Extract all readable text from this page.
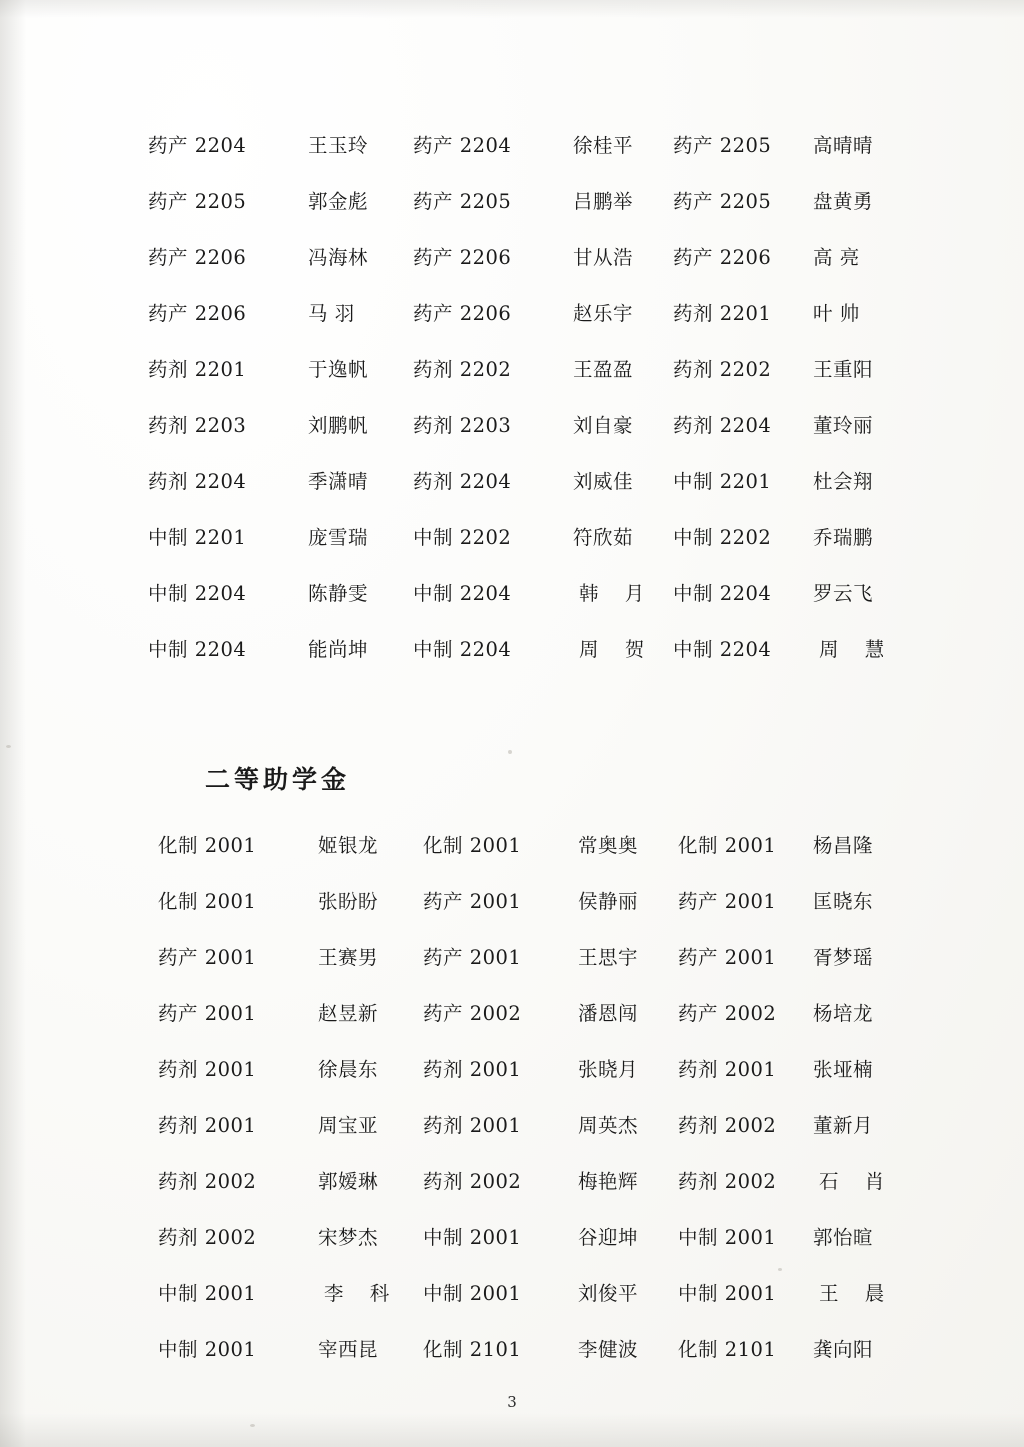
药产 2204	王玉玲	药产 2204	徐桂平	药产 2205	高晴晴
药产 2205	郭金彪	药产 2205	吕鹏举	药产 2205	盘黄勇
药产 2206	冯海林	药产 2206	甘从浩	药产 2206	高 亮
药产 2206	马 羽	药产 2206	赵乐宇	药剂 2201	叶 帅
药剂 2201	于逸帆	药剂 2202	王盈盈	药剂 2202	王重阳
药剂 2203	刘鹏帆	药剂 2203	刘自豪	药剂 2204	董玲丽
药剂 2204	季潇晴	药剂 2204	刘威佳	中制 2201	杜会翔
中制 2201	庞雪瑞	中制 2202	符欣茹	中制 2202	乔瑞鹏
中制 2204	陈静雯	中制 2204	韩 月	中制 2204	罗云飞
中制 2204	能尚坤	中制 2204	周 贺	中制 2204	周 慧
二等助学金
化制 2001	姬银龙	化制 2001	常奥奥	化制 2001	杨昌隆
化制 2001	张盼盼	药产 2001	侯静丽	药产 2001	匡晓东
药产 2001	王赛男	药产 2001	王思宇	药产 2001	胥梦瑶
药产 2001	赵昱新	药产 2002	潘恩闯	药产 2002	杨培龙
药剂 2001	徐晨东	药剂 2001	张晓月	药剂 2001	张垭楠
药剂 2001	周宝亚	药剂 2001	周英杰	药剂 2002	董新月
药剂 2002	郭嫒琳	药剂 2002	梅艳辉	药剂 2002	石 肖
药剂 2002	宋梦杰	中制 2001	谷迎坤	中制 2001	郭怡暄
中制 2001	李 科	中制 2001	刘俊平	中制 2001	王 晨
中制 2001	宰西昆	化制 2101	李健波	化制 2101	龚向阳
3
